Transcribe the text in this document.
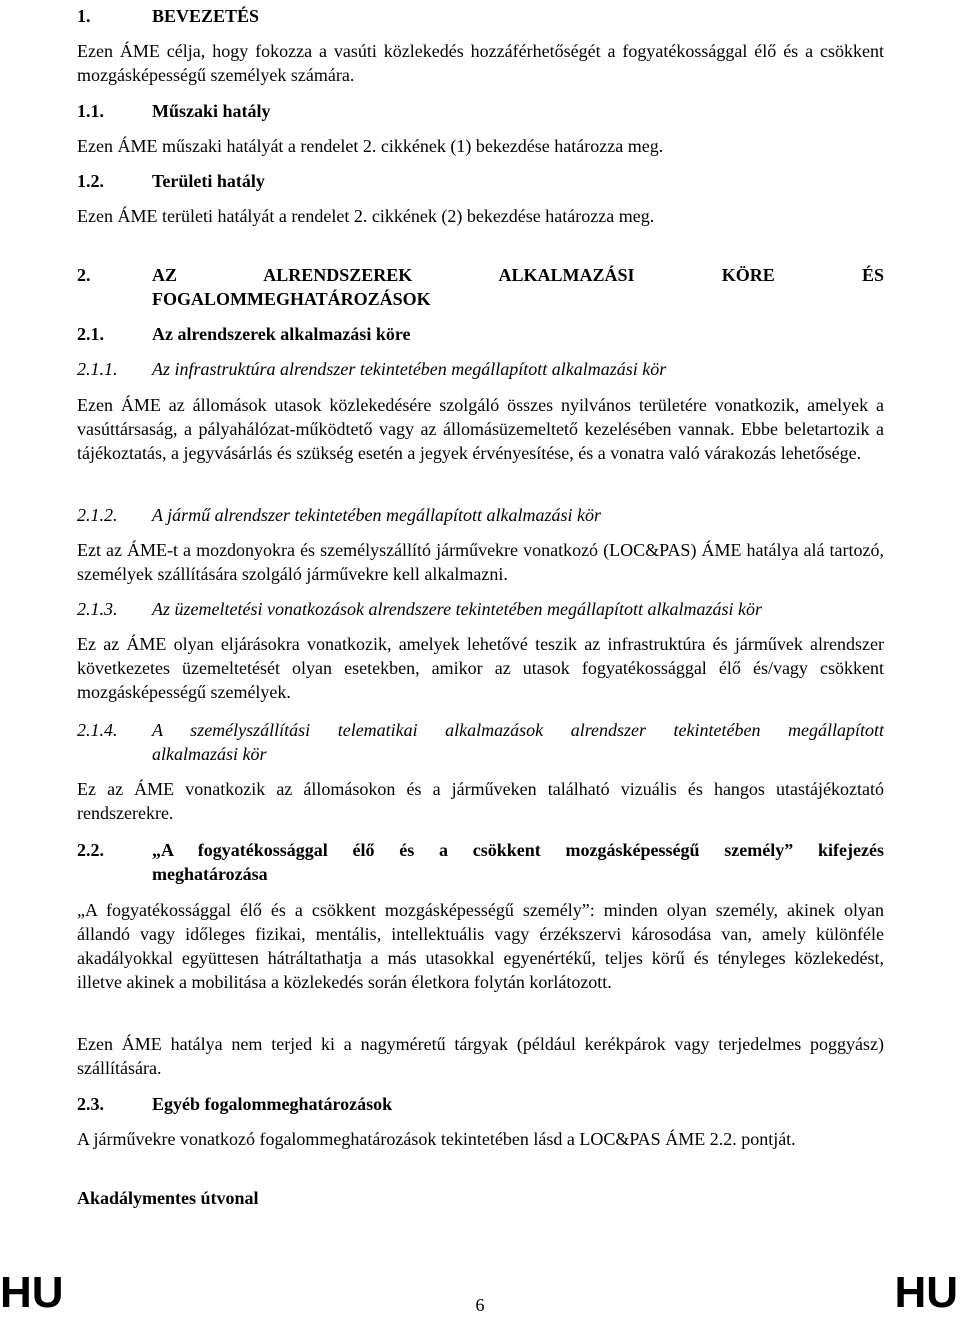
1.	BEVEZETÉS
Ezen ÁME célja, hogy fokozza a vasúti közlekedés hozzáférhetőségét a fogyatékossággal élő és a csökkent mozgásképességű személyek számára.
1.1.	Műszaki hatály
Ezen ÁME műszaki hatályát a rendelet 2. cikkének (1) bekezdése határozza meg.
1.2.	Területi hatály
Ezen ÁME területi hatályát a rendelet 2. cikkének (2) bekezdése határozza meg.
2.	AZ ALRENDSZEREK ALKALMAZÁSI KÖRE ÉS
FOGALOMMEGHATÁROZÁSOK
2.1.	Az alrendszerek alkalmazási köre
2.1.1. Az infrastruktúra alrendszer tekintetében megállapított alkalmazási kör
Ezen ÁME az állomások utasok közlekedésére szolgáló összes nyilvános területére vonatkozik, amelyek a vasúttársaság, a pályahálózat-működtető vagy az állomásüzemeltető kezelésében vannak. Ebbe beletartozik a tájékoztatás, a jegyvásárlás és szükség esetén a jegyek érvényesítése, és a vonatra való várakozás lehetősége.
2.1.2. A jármű alrendszer tekintetében megállapított alkalmazási kör
Ezt az ÁME-t a mozdonyokra és személyszállító járművekre vonatkozó (LOC&PAS) ÁME hatálya alá tartozó, személyek szállítására szolgáló járművekre kell alkalmazni.
2.1.3. Az üzemeltetési vonatkozások alrendszere tekintetében megállapított alkalmazási kör
Ez az ÁME olyan eljárásokra vonatkozik, amelyek lehetővé teszik az infrastruktúra és járművek alrendszer következetes üzemeltetését olyan esetekben, amikor az utasok fogyatékossággal élő és/vagy csökkent mozgásképességű személyek.
2.1.4. A személyszállítási telematikai alkalmazások alrendszer tekintetében megállapított
alkalmazási kör
Ez az ÁME vonatkozik az állomásokon és a járműveken található vizuális és hangos utastájékoztató rendszerekre.
2.2.	„A fogyatékossággal élő és a csökkent mozgásképességű személy” kifejezés
meghatározása
„A fogyatékossággal élő és a csökkent mozgásképességű személy”: minden olyan személy, akinek olyan állandó vagy időleges fizikai, mentális, intellektuális vagy érzékszervi károsodása van, amely különféle akadályokkal együttesen hátráltathatja a más utasokkal egyenértékű, teljes körű és tényleges közlekedést, illetve akinek a mobilitása a közlekedés során életkora folytán korlátozott.
Ezen ÁME hatálya nem terjed ki a nagyméretű tárgyak (például kerékpárok vagy terjedelmes poggyász) szállítására.
2.3.	Egyéb fogalommeghatározások
A járművekre vonatkozó fogalommeghatározások tekintetében lásd a LOC&PAS ÁME 2.2. pontját.
Akadálymentes útvonal
HU	HU
6
